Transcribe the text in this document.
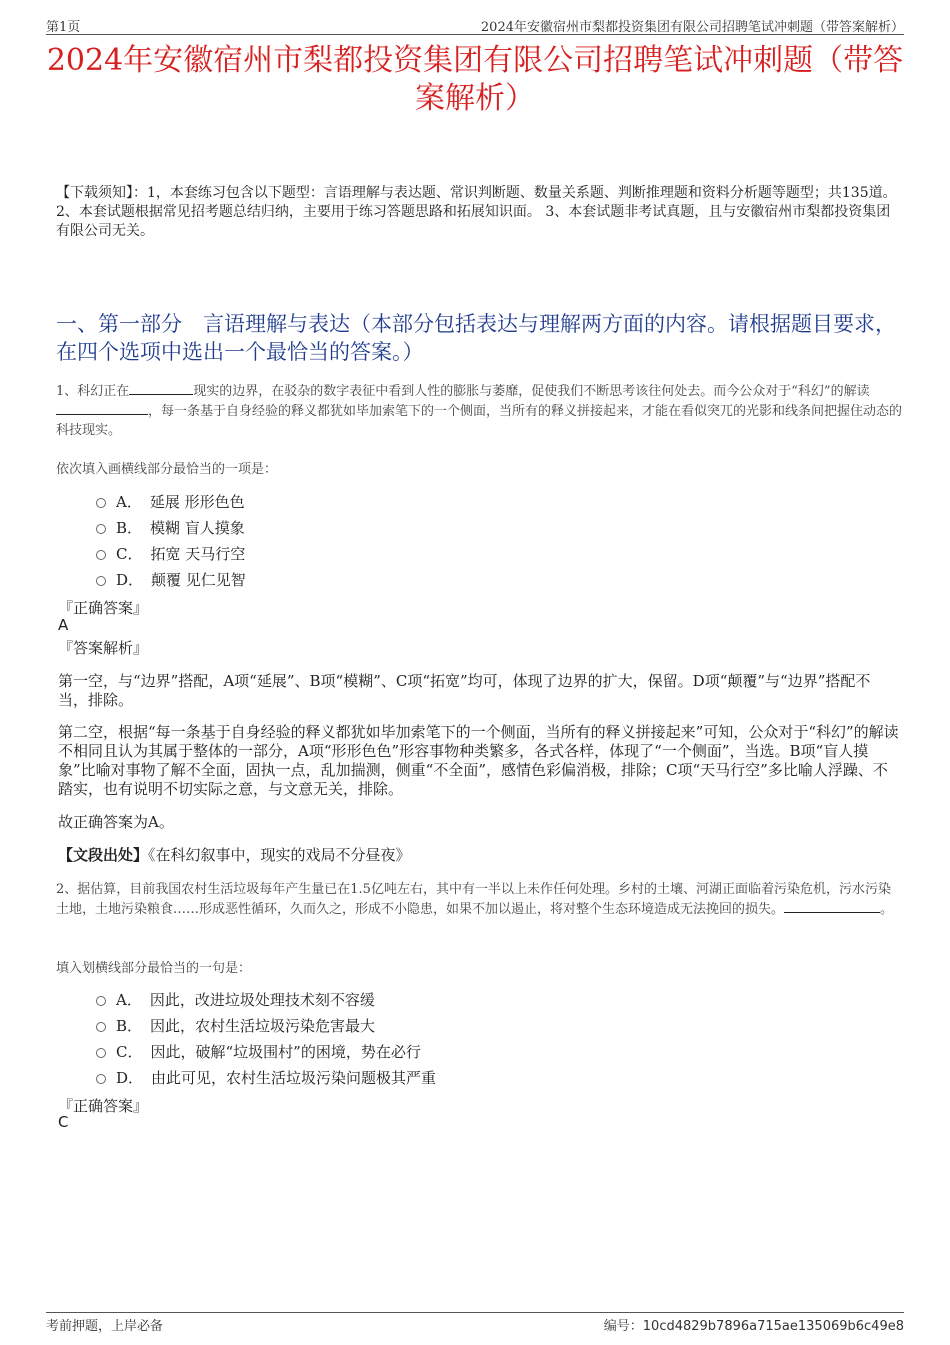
第1页	2024年安徽宿州市梨都投资集团有限公司招聘笔试冲刺题（带答案解析）
2024年安徽宿州市梨都投资集团有限公司招聘笔试冲刺题（带答案解析）
【下载须知】：1，本套练习包含以下题型：言语理解与表达题、常识判断题、数量关系题、判断推理题和资料分析题等题型；共135道。 2、本套试题根据常见招考题总结归纳，主要用于练习答题思路和拓展知识面。 3、本套试题非考试真题，且与安徽宿州市梨都投资集团有限公司无关。
一、第一部分　言语理解与表达（本部分包括表达与理解两方面的内容。请根据题目要求，在四个选项中选出一个最恰当的答案。）
1、科幻正在	现实的边界，在驳杂的数字表征中看到人性的膨胀与萎靡，促使我们不断思考该往何处去。而今公众对于“科幻”的解读，每一条基于自身经验的释义都犹如毕加索笔下的一个侧面，当所有的释义拼接起来，才能在看似突兀的光影和线条间把握住动态的科技现实。
依次填入画横线部分最恰当的一项是：
A． 延展 形形色色
B． 模糊 盲人摸象
C． 拓宽 天马行空
D． 颠覆 见仁见智
『正确答案』
A
『答案解析』
第一空，与“边界”搭配，A项“延展”、B项“模糊”、C项“拓宽”均可，体现了边界的扩大，保留。D项“颠覆”与“边界”搭配不当，排除。
第二空，根据“每一条基于自身经验的释义都犹如毕加索笔下的一个侧面，当所有的释义拼接起来”可知，公众对于“科幻”的解读不相同且认为其属于整体的一部分，A项“形形色色”形容事物种类繁多，各式各样，体现了“一个侧面”，当选。B项“盲人摸象”比喻对事物了解不全面，固执一点，乱加揣测，侧重“不全面”，感情色彩偏消极，排除；C项“天马行空”多比喻人浮躁、不踏实，也有说明不切实际之意，与文意无关，排除。
故正确答案为A。
【文段出处】《在科幻叙事中，现实的戏局不分昼夜》
2、据估算，目前我国农村生活垃圾每年产生量已在1.5亿吨左右，其中有一半以上未作任何处理。乡村的土壤、河湖正面临着污染危机，污水污染土地，土地污染粮食……形成恶性循环，久而久之，形成不小隐患，如果不加以遏止，将对整个生态环境造成无法挽回的损失。	。
填入划横线部分最恰当的一句是：
A． 因此，改进垃圾处理技术刻不容缓
B． 因此，农村生活垃圾污染危害最大
C． 因此，破解“垃圾围村”的困境，势在必行
D． 由此可见，农村生活垃圾污染问题极其严重
『正确答案』
C
考前押题，上岸必备	编号：10cd4829b7896a715ae135069b6c49e8
